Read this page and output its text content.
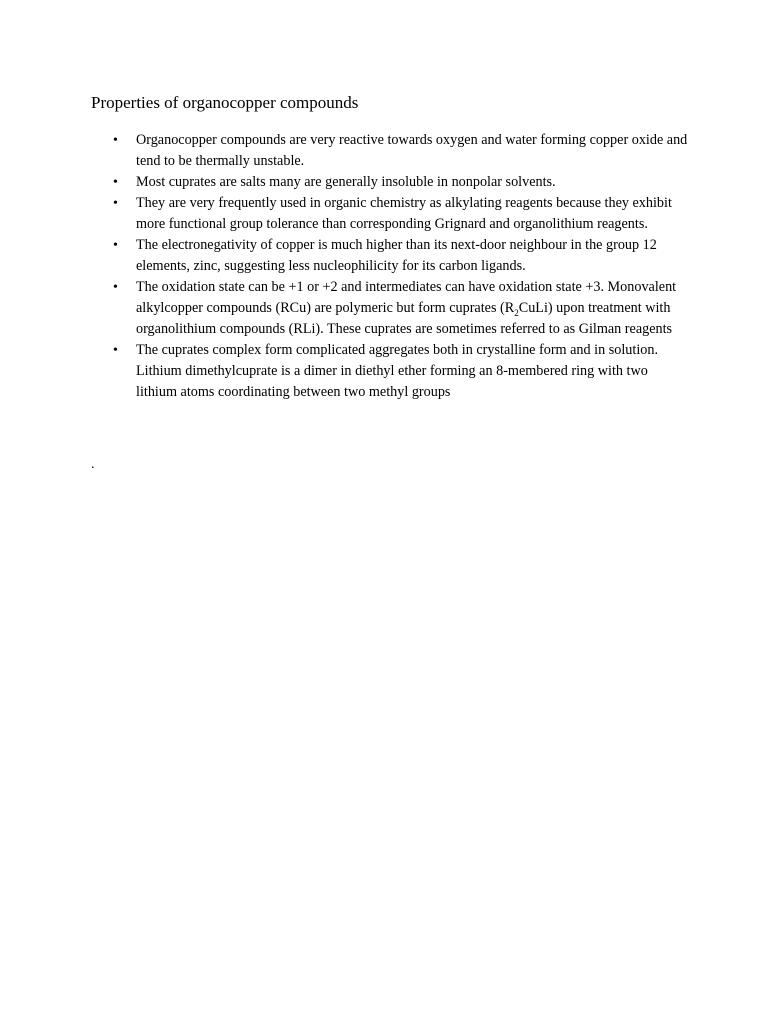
Properties of organocopper compounds
• Organocopper compounds are very reactive towards oxygen and water forming copper oxide and tend to be thermally unstable.
• Most cuprates are salts many are generally insoluble in nonpolar solvents.
• They are very frequently used in organic chemistry as alkylating reagents because they exhibit more functional group tolerance than corresponding Grignard and organolithium reagents.
• The electronegativity of copper is much higher than its next-door neighbour in the group 12 elements, zinc, suggesting less nucleophilicity for its carbon ligands.
• The oxidation state can be +1 or +2 and intermediates can have oxidation state +3. Monovalent alkylcopper compounds (RCu) are polymeric but form cuprates $(R_2CuLi)$ upon treatment with organolithium compounds (RLi). These cuprates are sometimes referred to as Gilman reagents
• The cuprates complex form complicated aggregates both in crystalline form and in solution. Lithium dimethylcuprate is a dimer in diethyl ether forming an 8-membered ring with two lithium atoms coordinating between two methyl groups
.
